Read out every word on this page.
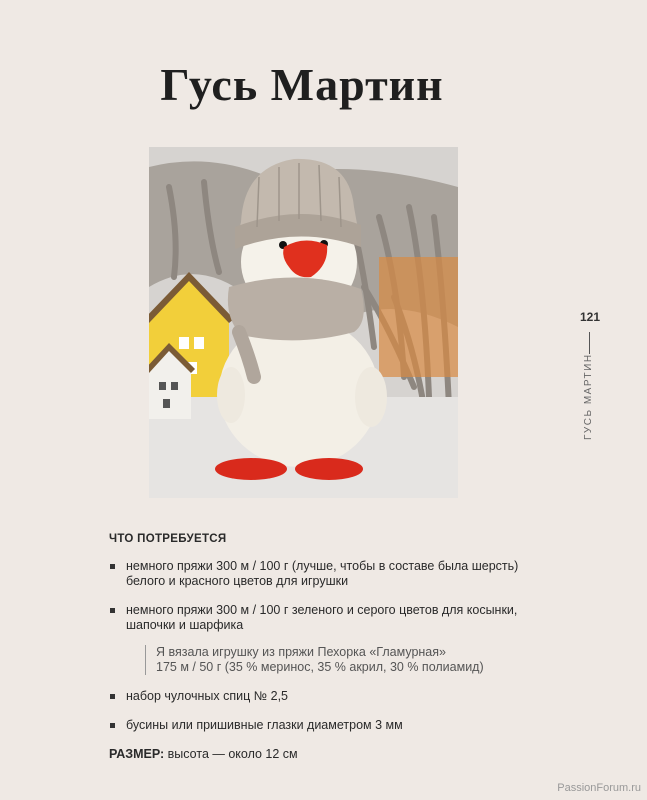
Гусь Мартин
121
ГУСЬ МАРТИН
ЧТО ПОТРЕБУЕТСЯ
немного пряжи 300 м / 100 г (лучше, чтобы в составе была шерсть) белого и красного цветов для игрушки
немного пряжи 300 м / 100 г зеленого и серого цветов для косынки, шапочки и шарфика
Я вязала игрушку из пряжи Пехорка «Гламурная»
175 м / 50 г (35 % меринос, 35 % акрил, 30 % полиамид)
набор чулочных спиц № 2,5
бусины или пришивные глазки диаметром 3 мм
РАЗМЕР: высота — около 12 см
PassionForum.ru
